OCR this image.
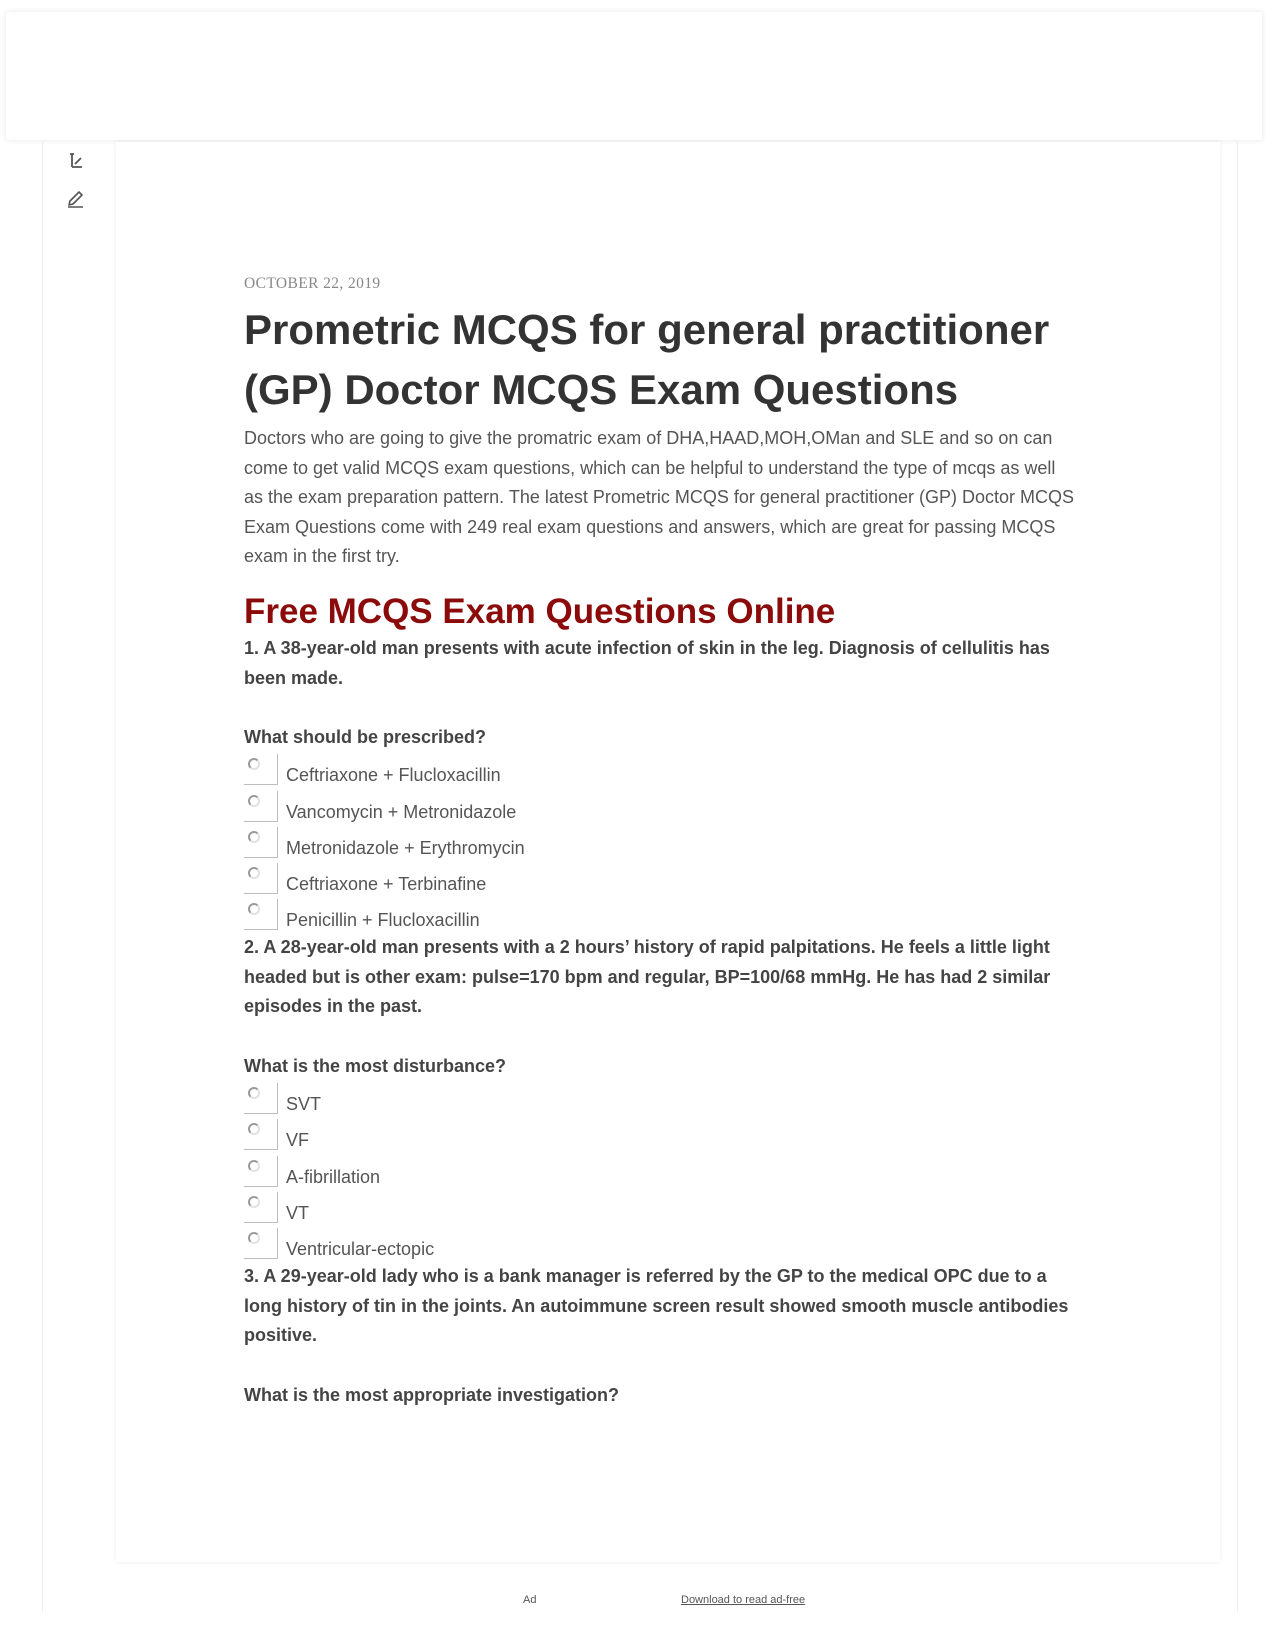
OCTOBER 22, 2019

Prometric MCQS for general practitioner (GP) Doctor MCQS Exam Questions

Doctors who are going to give the promatric exam of DHA,HAAD,MOH,OMan and SLE and so on can come to get valid MCQS exam questions, which can be helpful to understand the type of mcqs as well as the exam preparation pattern. The latest Prometric MCQS for general practitioner (GP) Doctor MCQS Exam Questions come with 249 real exam questions and answers, which are great for passing MCQS exam in the first try.

Free MCQS Exam Questions Online

1. A 38-year-old man presents with acute infection of skin in the leg. Diagnosis of cellulitis has been made.

What should be prescribed?

Ceftriaxone + Flucloxacillin
Vancomycin + Metronidazole
Metronidazole + Erythromycin
Ceftriaxone + Terbinafine
Penicillin + Flucloxacillin

2. A 28-year-old man presents with a 2 hours’ history of rapid palpitations. He feels a little light headed but is other exam: pulse=170 bpm and regular, BP=100/68 mmHg. He has had 2 similar episodes in the past.

What is the most disturbance?

SVT
VF
A-fibrillation
VT
Ventricular-ectopic

3. A 29-year-old lady who is a bank manager is referred by the GP to the medical OPC due to a long history of tin in the joints. An autoimmune screen result showed smooth muscle antibodies positive.

What is the most appropriate investigation?

Ad	Download to read ad-free
